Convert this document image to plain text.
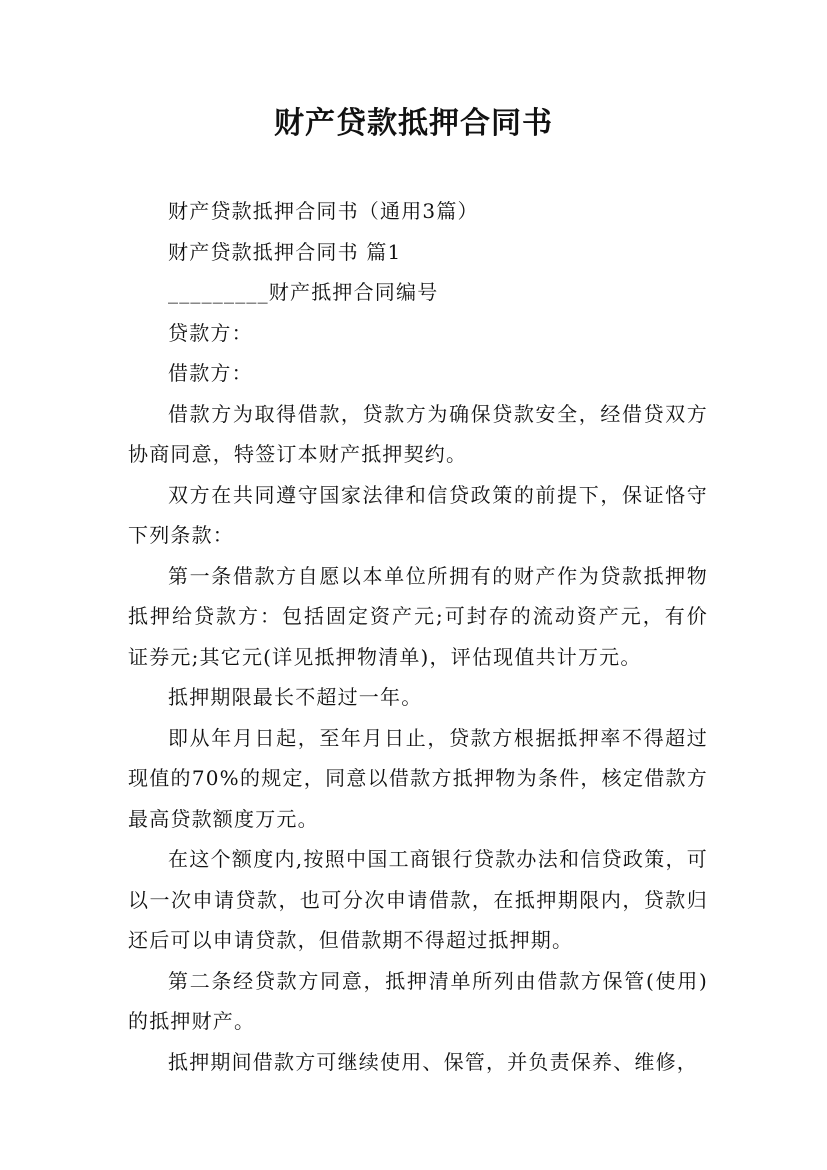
财产贷款抵押合同书

财产贷款抵押合同书（通用3篇）

财产贷款抵押合同书 篇1

_________财产抵押合同编号

贷款方：

借款方：

借款方为取得借款，贷款方为确保贷款安全，经借贷双方协商同意，特签订本财产抵押契约。

双方在共同遵守国家法律和信贷政策的前提下，保证恪守下列条款：

第一条借款方自愿以本单位所拥有的财产作为贷款抵押物抵押给贷款方：包括固定资产元;可封存的流动资产元，有价证券元;其它元(详见抵押物清单)，评估现值共计万元。

抵押期限最长不超过一年。

即从年月日起，至年月日止，贷款方根据抵押率不得超过现值的70%的规定，同意以借款方抵押物为条件，核定借款方最高贷款额度万元。

在这个额度内,按照中国工商银行贷款办法和信贷政策，可以一次申请贷款，也可分次申请借款，在抵押期限内，贷款归还后可以申请贷款，但借款期不得超过抵押期。

第二条经贷款方同意，抵押清单所列由借款方保管(使用)的抵押财产。

抵押期间借款方可继续使用、保管，并负责保养、维修，
